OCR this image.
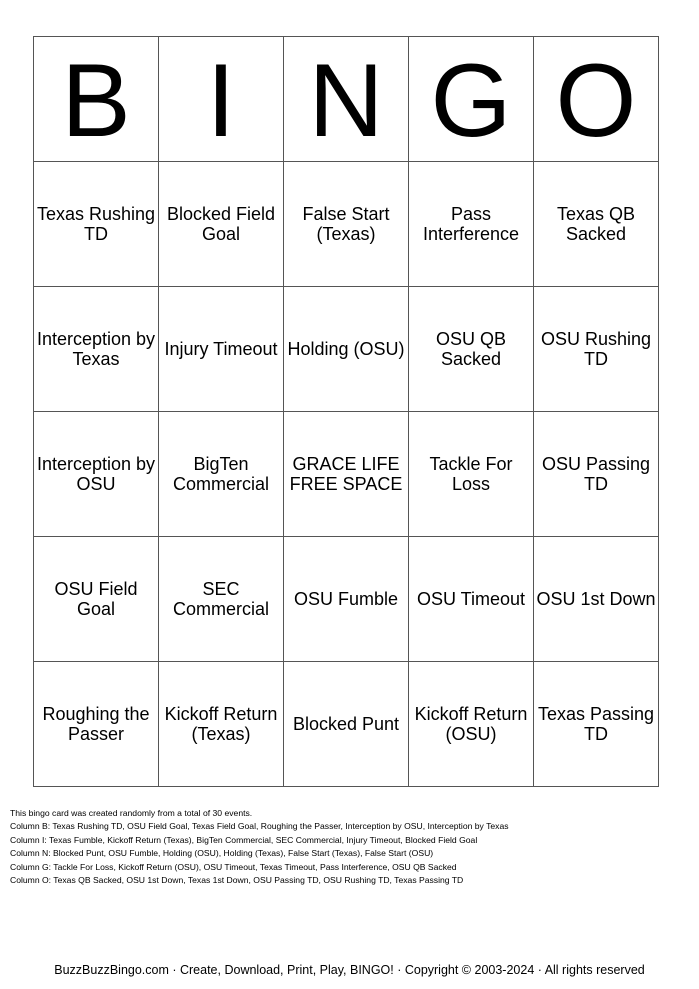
B	I	N	G	O

Texas Rushing TD	Blocked Field Goal	False Start (Texas)	Pass Interference	Texas QB Sacked

Interception by Texas	Injury Timeout	Holding (OSU)	OSU QB Sacked	OSU Rushing TD

Interception by OSU	BigTen Commercial	GRACE LIFE FREE SPACE	Tackle For Loss	OSU Passing TD

OSU Field Goal	SEC Commercial	OSU Fumble	OSU Timeout	OSU 1st Down

Roughing the Passer	Kickoff Return (Texas)	Blocked Punt	Kickoff Return (OSU)	Texas Passing TD
This bingo card was created randomly from a total of 30 events.
Column B: Texas Rushing TD, OSU Field Goal, Texas Field Goal, Roughing the Passer, Interception by OSU, Interception by Texas
Column I: Texas Fumble, Kickoff Return (Texas), BigTen Commercial, SEC Commercial, Injury Timeout, Blocked Field Goal
Column N: Blocked Punt, OSU Fumble, Holding (OSU), Holding (Texas), False Start (Texas), False Start (OSU)
Column G: Tackle For Loss, Kickoff Return (OSU), OSU Timeout, Texas Timeout, Pass Interference, OSU QB Sacked
Column O: Texas QB Sacked, OSU 1st Down, Texas 1st Down, OSU Passing TD, OSU Rushing TD, Texas Passing TD
BuzzBuzzBingo.com · Create, Download, Print, Play, BINGO! · Copyright © 2003-2024 · All rights reserved
